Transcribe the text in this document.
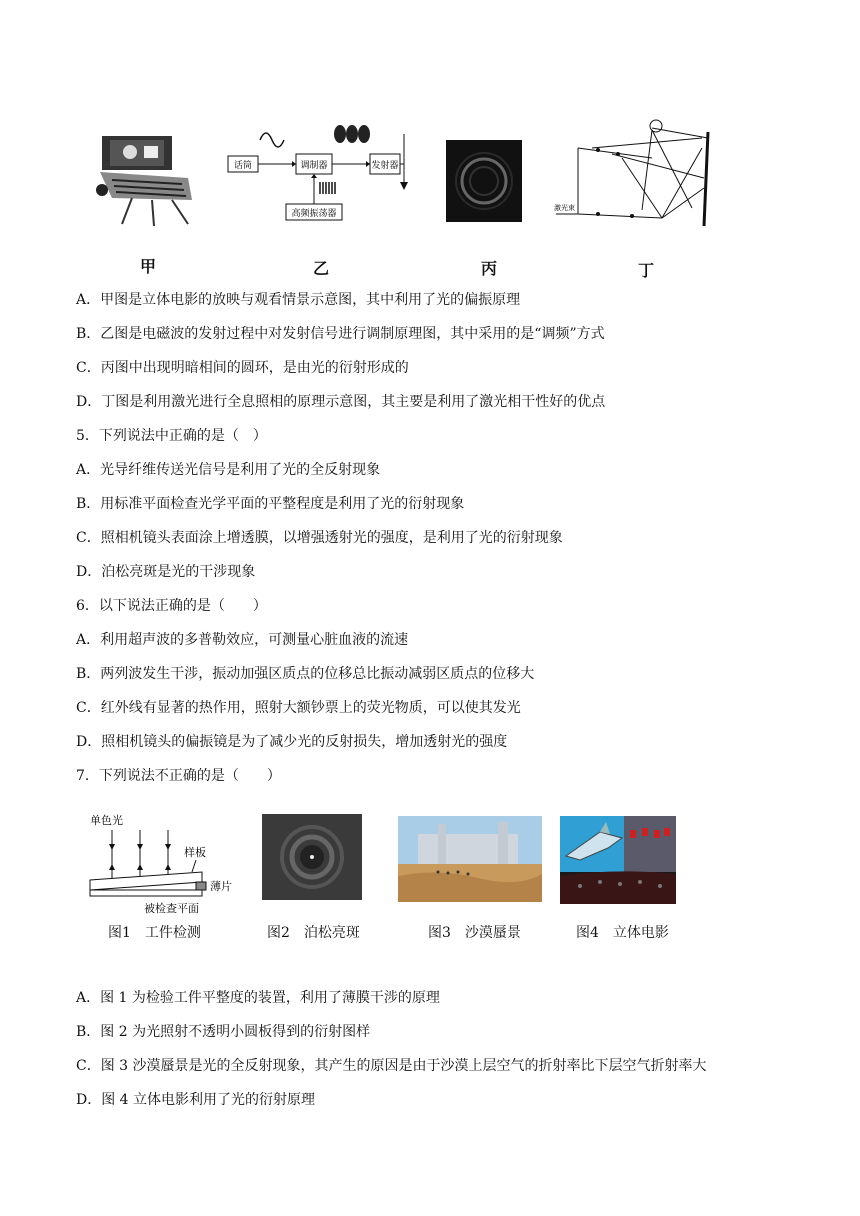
话筒	调制器	发射器
高频振荡器
激光束
甲	乙	丙	丁
A．甲图是立体电影的放映与观看情景示意图，其中利用了光的偏振原理
B．乙图是电磁波的发射过程中对发射信号进行调制原理图，其中采用的是“调频”方式
C．丙图中出现明暗相间的圆环，是由光的衍射形成的
D．丁图是利用激光进行全息照相的原理示意图，其主要是利用了激光相干性好的优点
5．下列说法中正确的是（　）
A．光导纤维传送光信号是利用了光的全反射现象
B．用标准平面检查光学平面的平整程度是利用了光的衍射现象
C．照相机镜头表面涂上增透膜，以增强透射光的强度，是利用了光的衍射现象
D．泊松亮斑是光的干涉现象
6．以下说法正确的是（　　）
A．利用超声波的多普勒效应，可测量心脏血液的流速
B．两列波发生干涉，振动加强区质点的位移总比振动减弱区质点的位移大
C．红外线有显著的热作用，照射大额钞票上的荧光物质，可以使其发光
D．照相机镜头的偏振镜是为了减少光的反射损失，增加透射光的强度
7．下列说法不正确的是（　　）
单色光
样板
薄片
被检查平面
图1　工件检测	图2　泊松亮斑	图3　沙漠蜃景	图4　立体电影
A．图 1 为检验工件平整度的装置，利用了薄膜干涉的原理
B．图 2 为光照射不透明小圆板得到的衍射图样
C．图 3 沙漠蜃景是光的全反射现象，其产生的原因是由于沙漠上层空气的折射率比下层空气折射率大
D．图 4 立体电影利用了光的衍射原理
